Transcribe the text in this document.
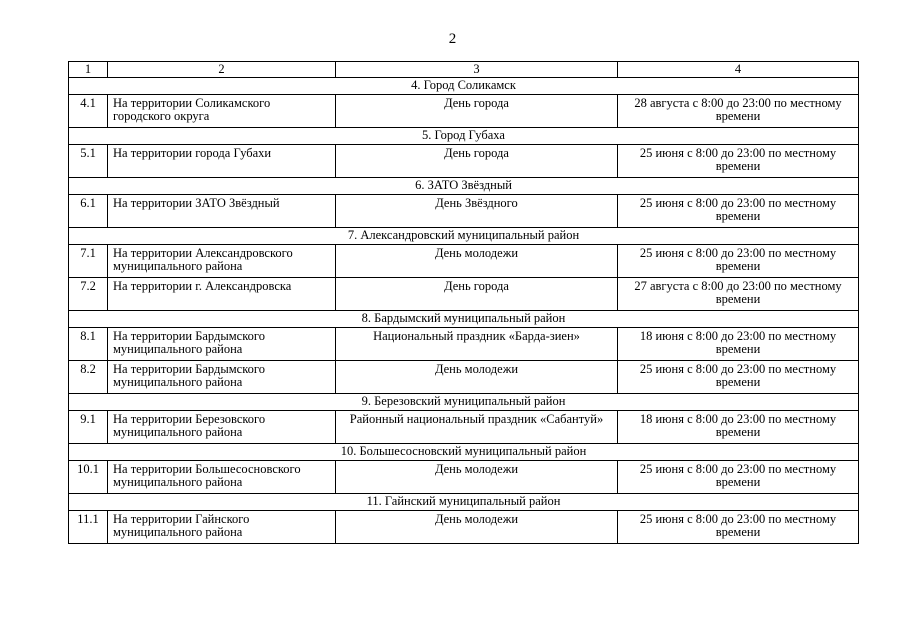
2
1	2	3	4
4. Город Соликамск			
4.1	На территории Соликамского городского округа	День города	28 августа с 8:00 до 23:00 по местному времени
5. Город Губаха			
5.1	На территории города Губахи	День города	25 июня с 8:00 до 23:00 по местному времени
6. ЗАТО Звёздный			
6.1	На территории ЗАТО Звёздный	День Звёздного	25 июня с 8:00 до 23:00 по местному времени
7. Александровский муниципальный район			
7.1	На территории Александровского муниципального района	День молодежи	25 июня с 8:00 до 23:00 по местному времени
7.2	На территории г. Александровска	День города	27 августа с 8:00 до 23:00 по местному времени
8. Бардымский муниципальный район			
8.1	На территории Бардымского муниципального района	Национальный праздник «Барда-зиен»	18 июня с 8:00 до 23:00 по местному времени
8.2	На территории Бардымского муниципального района	День молодежи	25 июня с 8:00 до 23:00 по местному времени
9. Березовский муниципальный район			
9.1	На территории Березовского муниципального района	Районный национальный праздник «Сабантуй»	18 июня с 8:00 до 23:00 по местному времени
10. Большесосновский муниципальный район			
10.1	На территории Большесосновского муниципального района	День молодежи	25 июня с 8:00 до 23:00 по местному времени
11. Гайнский муниципальный район			
11.1	На территории Гайнского муниципального района	День молодежи	25 июня с 8:00 до 23:00 по местному времени
